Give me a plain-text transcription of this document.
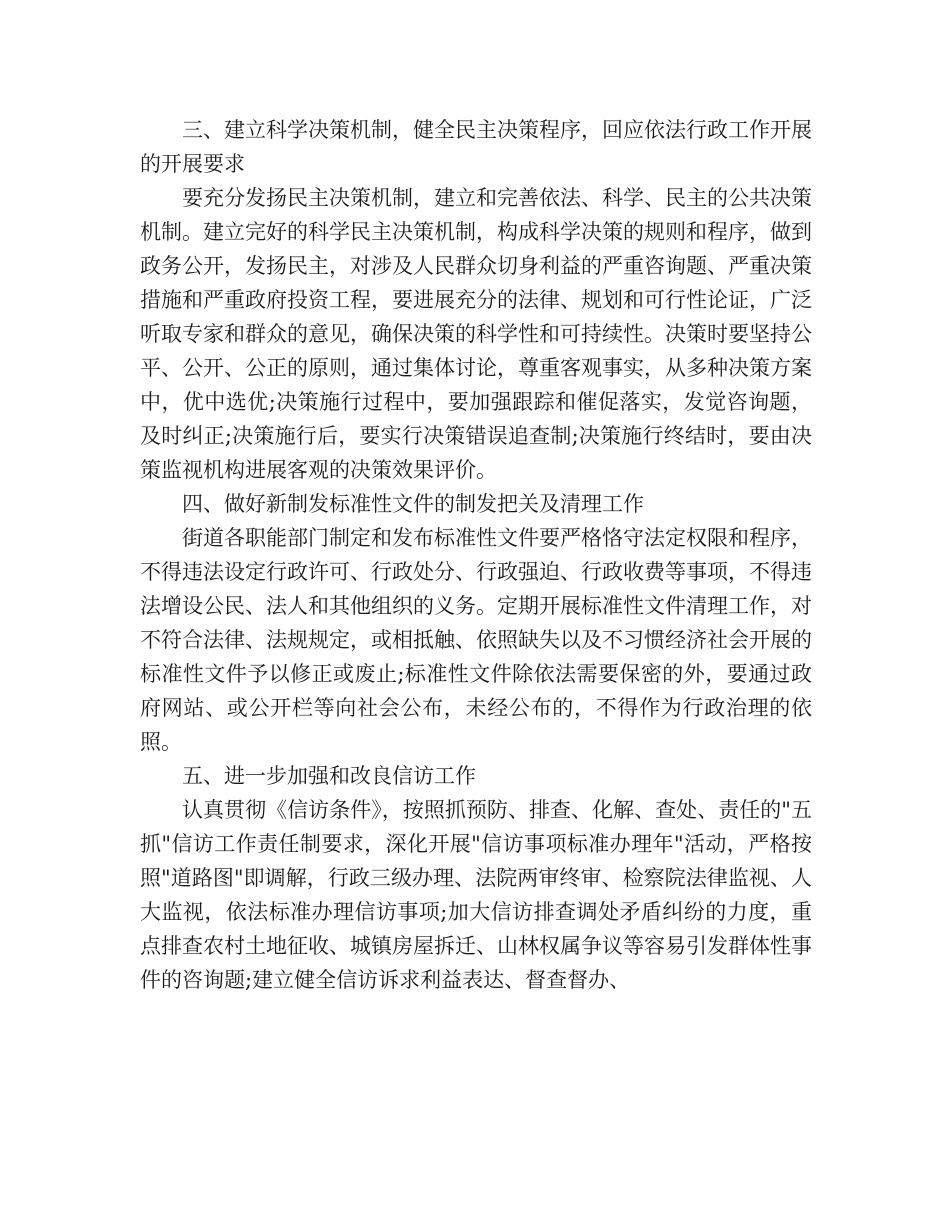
三、建立科学决策机制，健全民主决策程序，回应依法行政工作开展的开展要求

要充分发扬民主决策机制，建立和完善依法、科学、民主的公共决策机制。建立完好的科学民主决策机制，构成科学决策的规则和程序，做到政务公开，发扬民主，对涉及人民群众切身利益的严重咨询题、严重决策措施和严重政府投资工程，要进展充分的法律、规划和可行性论证，广泛听取专家和群众的意见，确保决策的科学性和可持续性。决策时要坚持公平、公开、公正的原则，通过集体讨论，尊重客观事实，从多种决策方案中，优中选优;决策施行过程中，要加强跟踪和催促落实，发觉咨询题，及时纠正;决策施行后，要实行决策错误追查制;决策施行终结时，要由决策监视机构进展客观的决策效果评价。

四、做好新制发标准性文件的制发把关及清理工作

街道各职能部门制定和发布标准性文件要严格恪守法定权限和程序，不得违法设定行政许可、行政处分、行政强迫、行政收费等事项，不得违法增设公民、法人和其他组织的义务。定期开展标准性文件清理工作，对不符合法律、法规规定，或相抵触、依照缺失以及不习惯经济社会开展的标准性文件予以修正或废止;标准性文件除依法需要保密的外，要通过政府网站、或公开栏等向社会公布，未经公布的，不得作为行政治理的依照。

五、进一步加强和改良信访工作

认真贯彻《信访条件》，按照抓预防、排查、化解、查处、责任的"五抓"信访工作责任制要求，深化开展"信访事项标准办理年"活动，严格按照"道路图"即调解，行政三级办理、法院两审终审、检察院法律监视、人大监视，依法标准办理信访事项;加大信访排查调处矛盾纠纷的力度，重点排查农村土地征收、城镇房屋拆迁、山林权属争议等容易引发群体性事件的咨询题;建立健全信访诉求利益表达、督查督办、
